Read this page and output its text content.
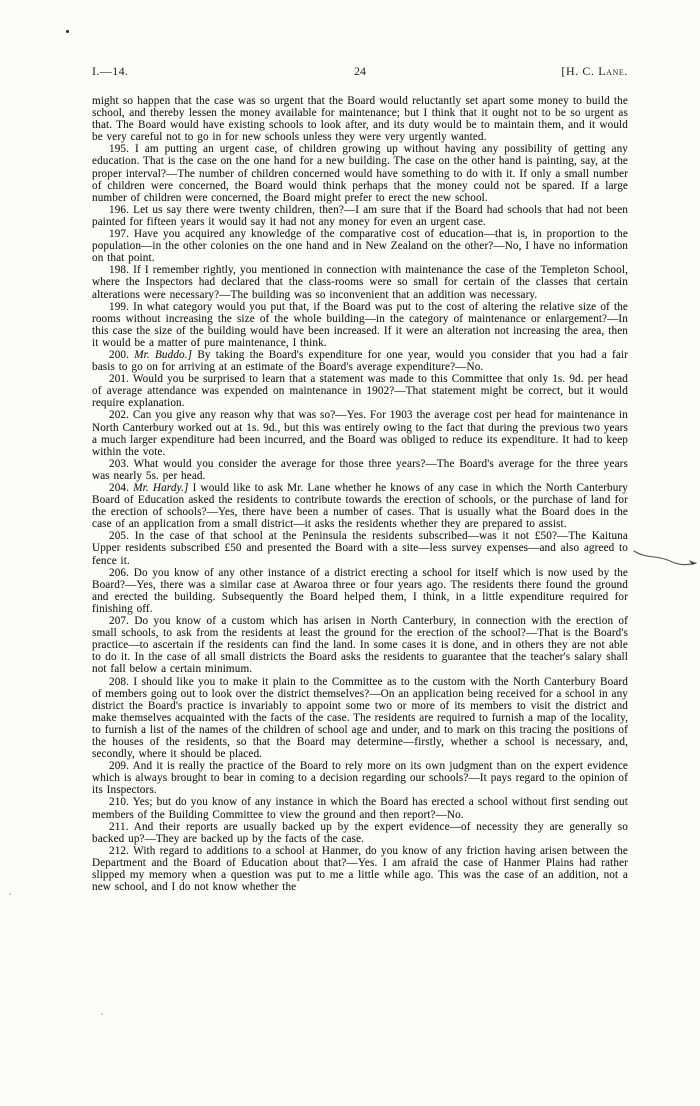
I.—14.	24	[H. C. Lane.

might so happen that the case was so urgent that the Board would reluctantly set apart some money to build the school, and thereby lessen the money available for maintenance; but I think that it ought not to be so urgent as that. The Board would have existing schools to look after, and its duty would be to maintain them, and it would be very careful not to go in for new schools unless they were very urgently wanted.

195. I am putting an urgent case, of children growing up without having any possibility of getting any education. That is the case on the one hand for a new building. The case on the other hand is painting, say, at the proper interval?—The number of children concerned would have something to do with it. If only a small number of children were concerned, the Board would think perhaps that the money could not be spared. If a large number of children were concerned, the Board might prefer to erect the new school.

196. Let us say there were twenty children, then?—I am sure that if the Board had schools that had not been painted for fifteen years it would say it had not any money for even an urgent case.

197. Have you acquired any knowledge of the comparative cost of education—that is, in proportion to the population—in the other colonies on the one hand and in New Zealand on the other?—No, I have no information on that point.

198. If I remember rightly, you mentioned in connection with maintenance the case of the Templeton School, where the Inspectors had declared that the class-rooms were so small for certain of the classes that certain alterations were necessary?—The building was so inconvenient that an addition was necessary.

199. In what category would you put that, if the Board was put to the cost of altering the relative size of the rooms without increasing the size of the whole building—in the category of maintenance or enlargement?—In this case the size of the building would have been increased. If it were an alteration not increasing the area, then it would be a matter of pure maintenance, I think.

200. Mr. Buddo.] By taking the Board's expenditure for one year, would you consider that you had a fair basis to go on for arriving at an estimate of the Board's average expenditure?—No.

201. Would you be surprised to learn that a statement was made to this Committee that only 1s. 9d. per head of average attendance was expended on maintenance in 1902?—That statement might be correct, but it would require explanation.

202. Can you give any reason why that was so?—Yes. For 1903 the average cost per head for maintenance in North Canterbury worked out at 1s. 9d., but this was entirely owing to the fact that during the previous two years a much larger expenditure had been incurred, and the Board was obliged to reduce its expenditure. It had to keep within the vote.

203. What would you consider the average for those three years?—The Board's average for the three years was nearly 5s. per head.

204. Mr. Hardy.] I would like to ask Mr. Lane whether he knows of any case in which the North Canterbury Board of Education asked the residents to contribute towards the erection of schools, or the purchase of land for the erection of schools?—Yes, there have been a number of cases. That is usually what the Board does in the case of an application from a small district—it asks the residents whether they are prepared to assist.

205. In the case of that school at the Peninsula the residents subscribed—was it not £50?—The Kaituna Upper residents subscribed £50 and presented the Board with a site—less survey expenses—and also agreed to fence it.

206. Do you know of any other instance of a district erecting a school for itself which is now used by the Board?—Yes, there was a similar case at Awaroa three or four years ago. The residents there found the ground and erected the building. Subsequently the Board helped them, I think, in a little expenditure required for finishing off.

207. Do you know of a custom which has arisen in North Canterbury, in connection with the erection of small schools, to ask from the residents at least the ground for the erection of the school?—That is the Board's practice—to ascertain if the residents can find the land. In some cases it is done, and in others they are not able to do it. In the case of all small districts the Board asks the residents to guarantee that the teacher's salary shall not fall below a certain minimum.

208. I should like you to make it plain to the Committee as to the custom with the North Canterbury Board of members going out to look over the district themselves?—On an application being received for a school in any district the Board's practice is invariably to appoint some two or more of its members to visit the district and make themselves acquainted with the facts of the case. The residents are required to furnish a map of the locality, to furnish a list of the names of the children of school age and under, and to mark on this tracing the positions of the houses of the residents, so that the Board may determine—firstly, whether a school is necessary, and, secondly, where it should be placed.

209. And it is really the practice of the Board to rely more on its own judgment than on the expert evidence which is always brought to bear in coming to a decision regarding our schools?—It pays regard to the opinion of its Inspectors.

210. Yes; but do you know of any instance in which the Board has erected a school without first sending out members of the Building Committee to view the ground and then report?—No.

211. And their reports are usually backed up by the expert evidence—of necessity they are generally so backed up?—They are backed up by the facts of the case.

212. With regard to additions to a school at Hanmer, do you know of any friction having arisen between the Department and the Board of Education about that?—Yes. I am afraid the case of Hanmer Plains had rather slipped my memory when a question was put to me a little while ago. This was the case of an addition, not a new school, and I do not know whether the
